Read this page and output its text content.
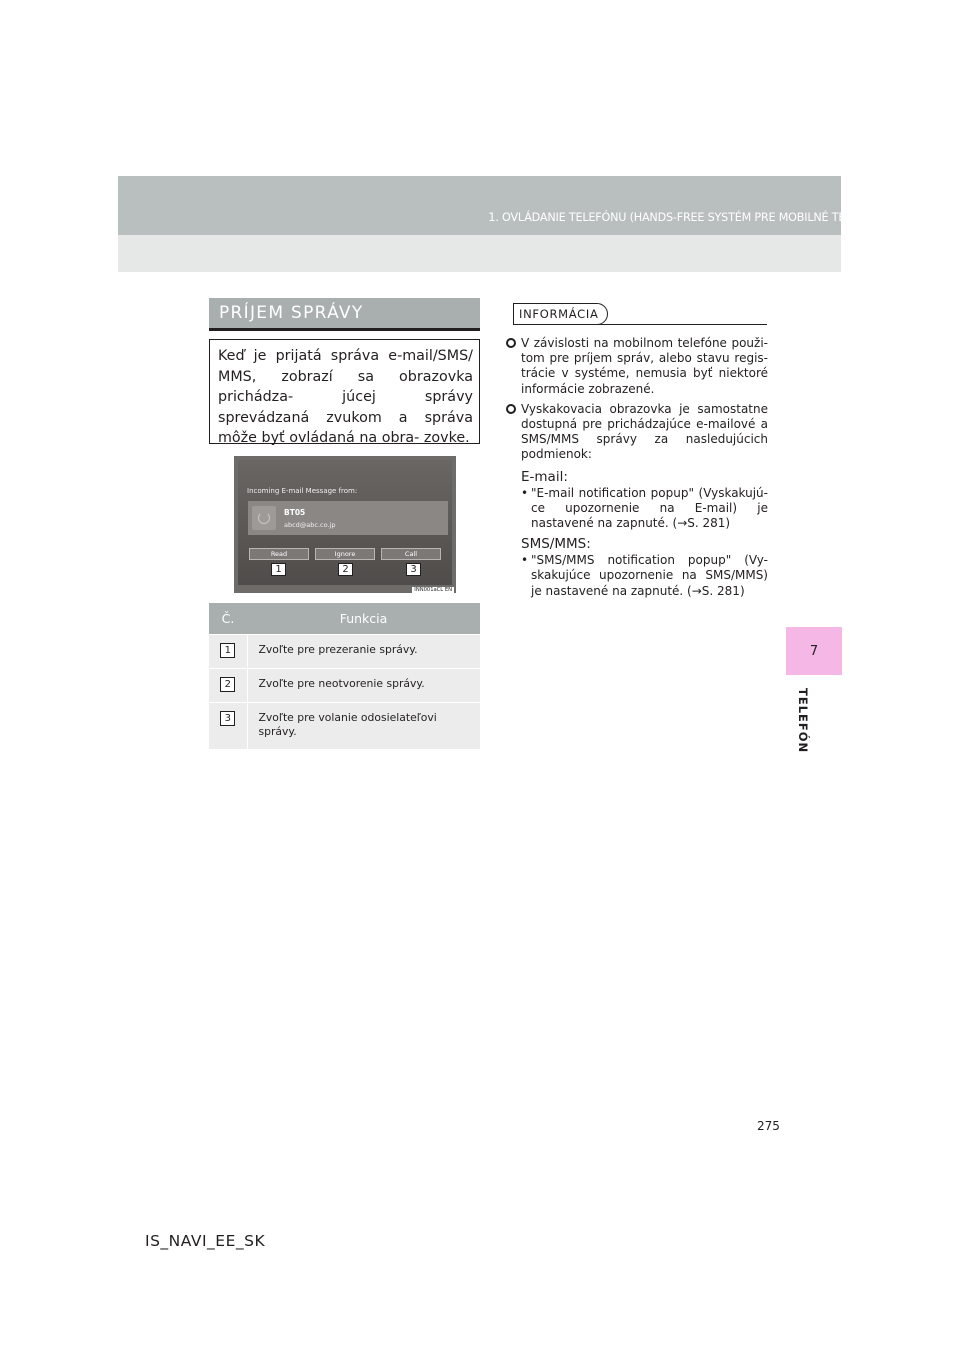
1. OVLÁDANIE TELEFÓNU (HANDS-FREE SYSTÉM PRE MOBILNÉ TELEFÓNY)
7
TELEFÓN
PRÍJEM SPRÁVY
Keď je prijatá správa e-mail/SMS/ MMS, zobrazí sa obrazovka prichádza- júcej správy sprevádzaná zvukom a správa môže byť ovládaná na obra- zovke.
Incoming E-mail Message from:
BT05
abcd@abc.co.jp
Read	Ignore	Call
1	2	3
INN001aCL EN
Č.	Funkcia
1	Zvoľte pre prezeranie správy.
2	Zvoľte pre neotvorenie správy.
3	Zvoľte pre volanie odosielateľovi správy.
INFORMÁCIA
V závislosti na mobilnom telefóne použi- tom pre príjem správ, alebo stavu regis- trácie v systéme, nemusia byť niektoré informácie zobrazené.
Vyskakovacia obrazovka je samostatne dostupná pre prichádzajúce e-mailové a SMS/MMS správy za nasledujúcich podmienok:
E-mail:
• "E-mail notification popup" (Vyskakujú- ce upozornenie na E-mail) je nastavené na zapnuté. (→S. 281)
SMS/MMS:
• "SMS/MMS notification popup" (Vy- skakujúce upozornenie na SMS/MMS) je nastavené na zapnuté. (→S. 281)
275
IS_NAVI_EE_SK
